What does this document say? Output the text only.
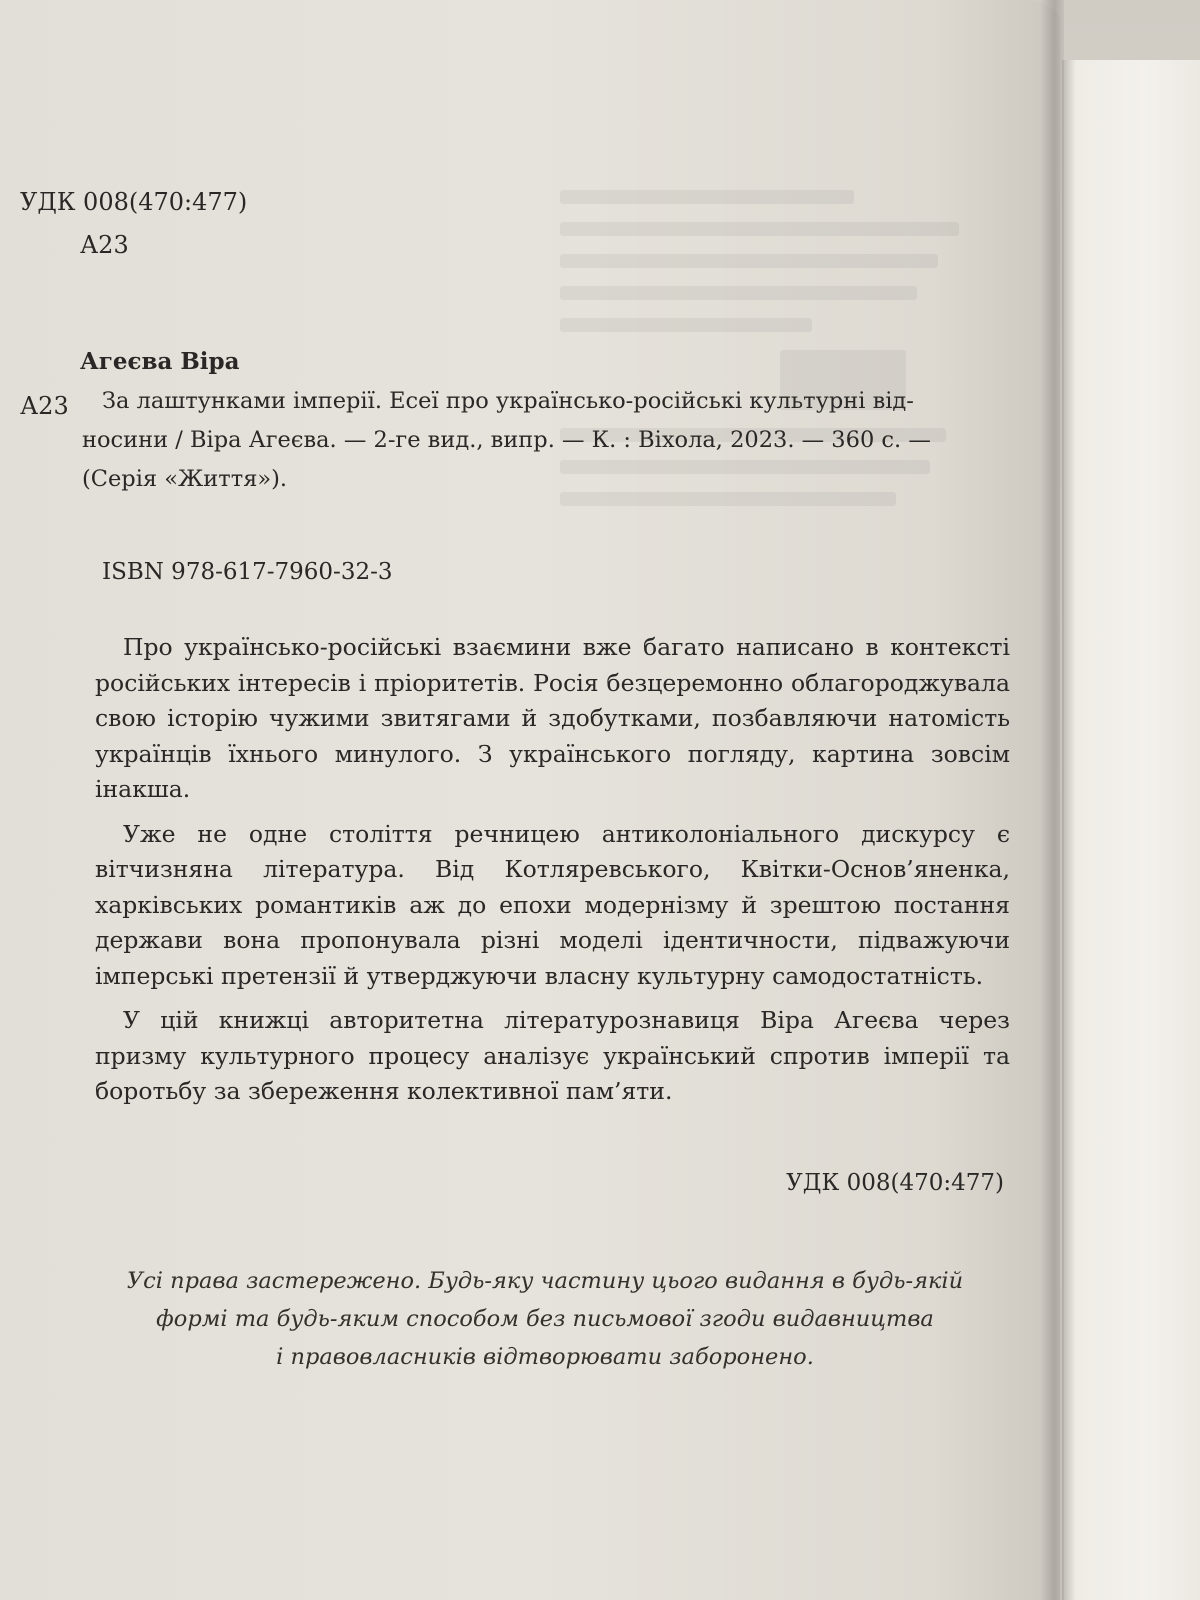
УДК 008(470:477)
А23
Агеєва Віра
А23	За лаштунками імперії. Есеї про українсько-російські культурні від-
носини / Віра Агеєва. — 2-ге вид., випр. — К. : Віхола, 2023. — 360 с. —
(Серія «Життя»).
ISBN 978-617-7960-32-3

Про українсько-російські взаємини вже багато написано в контексті російських інтересів і пріоритетів. Росія безцеремонно облагороджувала свою історію чужими звитягами й здобутками, позбавляючи натомість українців їхнього минулого. З українського погляду, картина зовсім інакша.

Уже не одне століття речницею антиколоніального дискурсу є вітчизняна література. Від Котляревського, Квітки-Основ’яненка, харківських романтиків аж до епохи модернізму й зрештою постання держави вона пропонувала різні моделі ідентичности, підважуючи імперські претензії й утверджуючи власну культурну самодостатність.

У цій книжці авторитетна літературознавиця Віра Агеєва через призму культурного процесу аналізує український спротив імперії та боротьбу за збереження колективної пам’яти.

УДК 008(470:477)
Усі права застережено. Будь-яку частину цього видання в будь-якій
формі та будь-яким способом без письмової згоди видавництва
і правовласників відтворювати заборонено.
